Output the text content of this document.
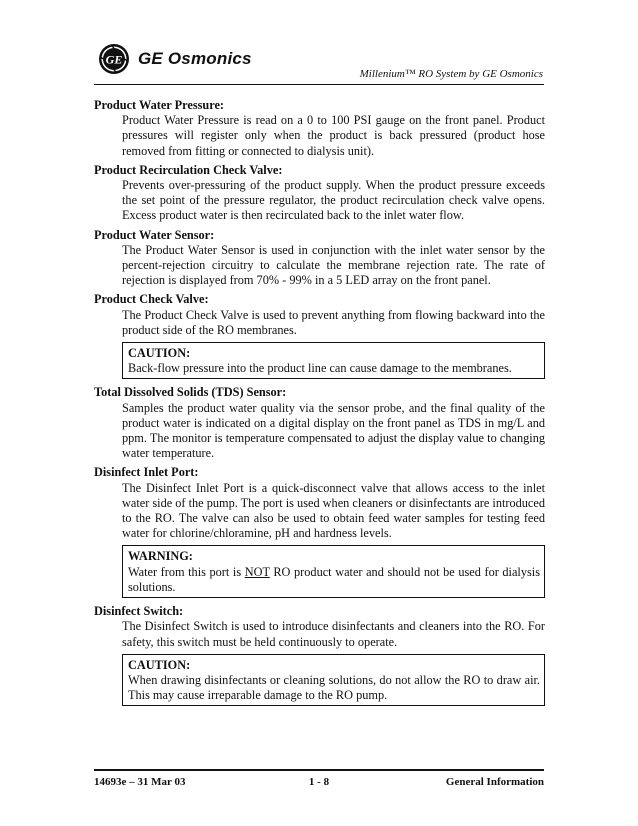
GE GE Osmonics
Millenium™ RO System by GE Osmonics

Product Water Pressure:

Product Water Pressure is read on a 0 to 100 PSI gauge on the front panel. Product pressures will register only when the product is back pressured (product hose removed from fitting or connected to dialysis unit).

Product Recirculation Check Valve:

Prevents over-pressuring of the product supply. When the product pressure exceeds the set point of the pressure regulator, the product recirculation check valve opens. Excess product water is then recirculated back to the inlet water flow.

Product Water Sensor:

The Product Water Sensor is used in conjunction with the inlet water sensor by the percent-rejection circuitry to calculate the membrane rejection rate. The rate of rejection is displayed from 70% - 99% in a 5 LED array on the front panel.

Product Check Valve:

The Product Check Valve is used to prevent anything from flowing backward into the product side of the RO membranes.

CAUTION:
Back-flow pressure into the product line can cause damage to the membranes.

Total Dissolved Solids (TDS) Sensor:

Samples the product water quality via the sensor probe, and the final quality of the product water is indicated on a digital display on the front panel as TDS in mg/L and ppm. The monitor is temperature compensated to adjust the display value to changing water temperature.

Disinfect Inlet Port:

The Disinfect Inlet Port is a quick-disconnect valve that allows access to the inlet water side of the pump. The port is used when cleaners or disinfectants are introduced to the RO. The valve can also be used to obtain feed water samples for testing feed water for chlorine/chloramine, pH and hardness levels.

WARNING:
Water from this port is NOT RO product water and should not be used for dialysis solutions.

Disinfect Switch:

The Disinfect Switch is used to introduce disinfectants and cleaners into the RO. For safety, this switch must be held continuously to operate.

CAUTION:
When drawing disinfectants or cleaning solutions, do not allow the RO to draw air. This may cause irreparable damage to the RO pump.
14693e – 31 Mar 03	1 - 8	General Information
